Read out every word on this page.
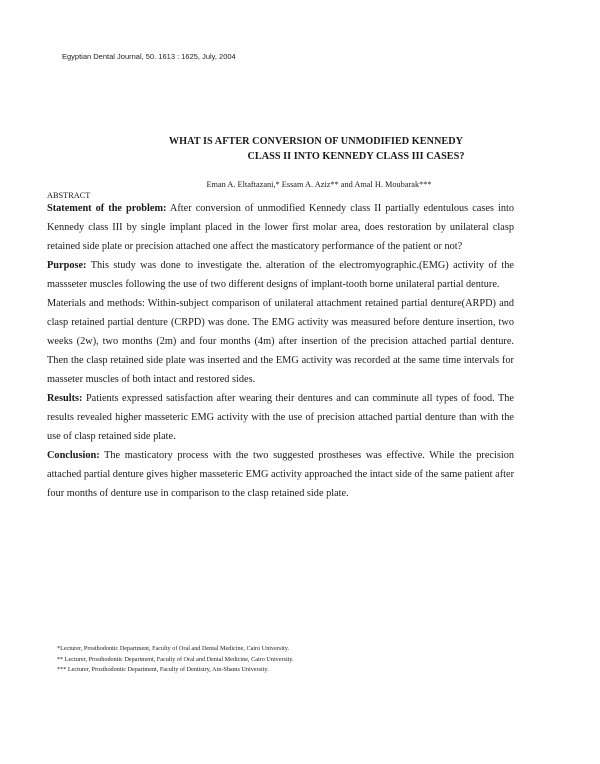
Egyptian Dental Journal, 50. 1613 : 1625, July, 2004
WHAT IS AFTER CONVERSION OF UNMODIFIED KENNEDY
CLASS II INTO KENNEDY CLASS III CASES?
Eman A. Eltaftazani,* Essam A. Aziz** and Amal H. Moubarak***
ABSTRACT

Statement of the problem: After conversion of unmodified Kennedy class II partially edentulous cases into Kennedy class III by single implant placed in the lower first molar area, does restoration by unilateral clasp retained side plate or precision attached one affect the masticatory performance of the patient or not?

Purpose: This study was done to investigate the. alteration of the electromyographic.(EMG) activity of the massseter muscles following the use of two different designs of implant-tooth borne unilateral partial denture.

Materials and methods: Within-subject comparison of unilateral attachment retained partial denture(ARPD) and clasp retained partial denture (CRPD) was done. The EMG activity was measured before denture insertion, two weeks (2w), two months (2m) and four months (4m) after insertion of the precision attached partial denture. Then the clasp retained side plate was inserted and the EMG activity was recorded at the same time intervals for masseter muscles of both intact and restored sides.

Results: Patients expressed satisfaction after wearing their dentures and can comminute all types of food. The results revealed higher masseteric EMG activity with the use of precision attached partial denture than with the use of clasp retained side plate.

Conclusion: The masticatory process with the two suggested prostheses was effective. While the precision attached partial denture gives higher masseteric EMG activity approached the intact side of the same patient after four months of denture use in comparison to the clasp retained side plate.

*Lecturer, Prosthodontic Department, Faculty of Oral and Dental Medicine, Cairo University.
** Lecturer, Prosthodontic Department, Faculty of Oral and Dental Medicine, Cairo University.
*** Lecturer, Prosthodontic Department, Faculty of Dentistry, Ain-Shams University.
